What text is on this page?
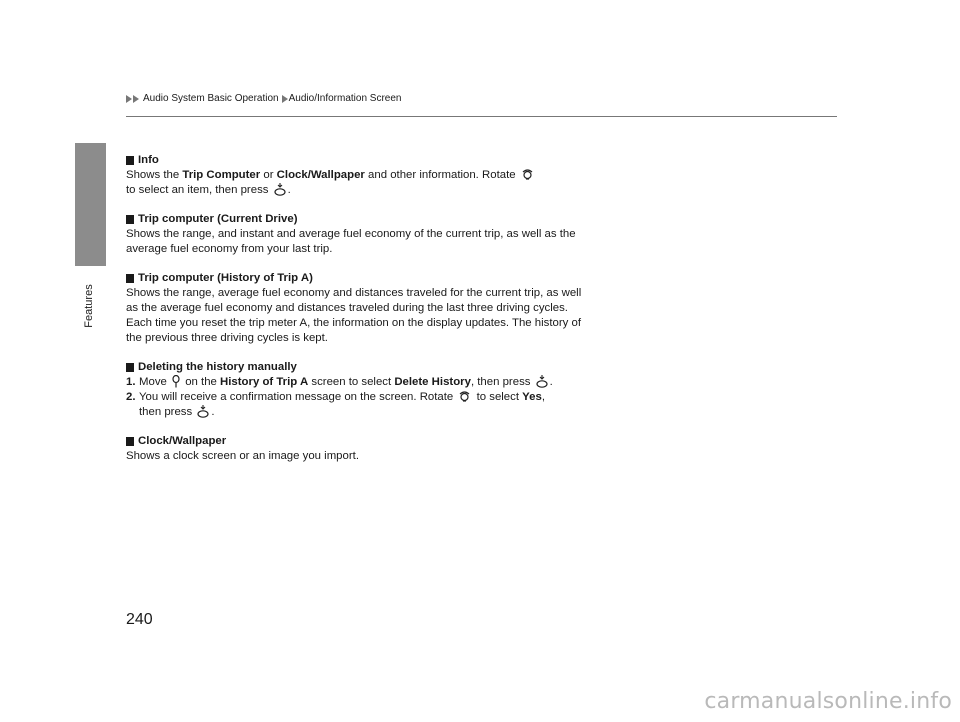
Features
Audio System Basic Operation Audio/Information Screen

Info

Shows the Trip Computer or Clock/Wallpaper and other information. Rotate
to select an item, then press .

Trip computer (Current Drive)

Shows the range, and instant and average fuel economy of the current trip, as well as the average fuel economy from your last trip.

Trip computer (History of Trip A)

Shows the range, average fuel economy and distances traveled for the current trip, as well as the average fuel economy and distances traveled during the last three driving cycles.

Each time you reset the trip meter A, the information on the display updates. The history of the previous three driving cycles is kept.

Deleting the history manually

1. Move  on the History of Trip A screen to select Delete History, then press .
2. You will receive a confirmation message on the screen. Rotate  to select Yes,
then press .

Clock/Wallpaper

Shows a clock screen or an image you import.

240
carmanualsonline.info
